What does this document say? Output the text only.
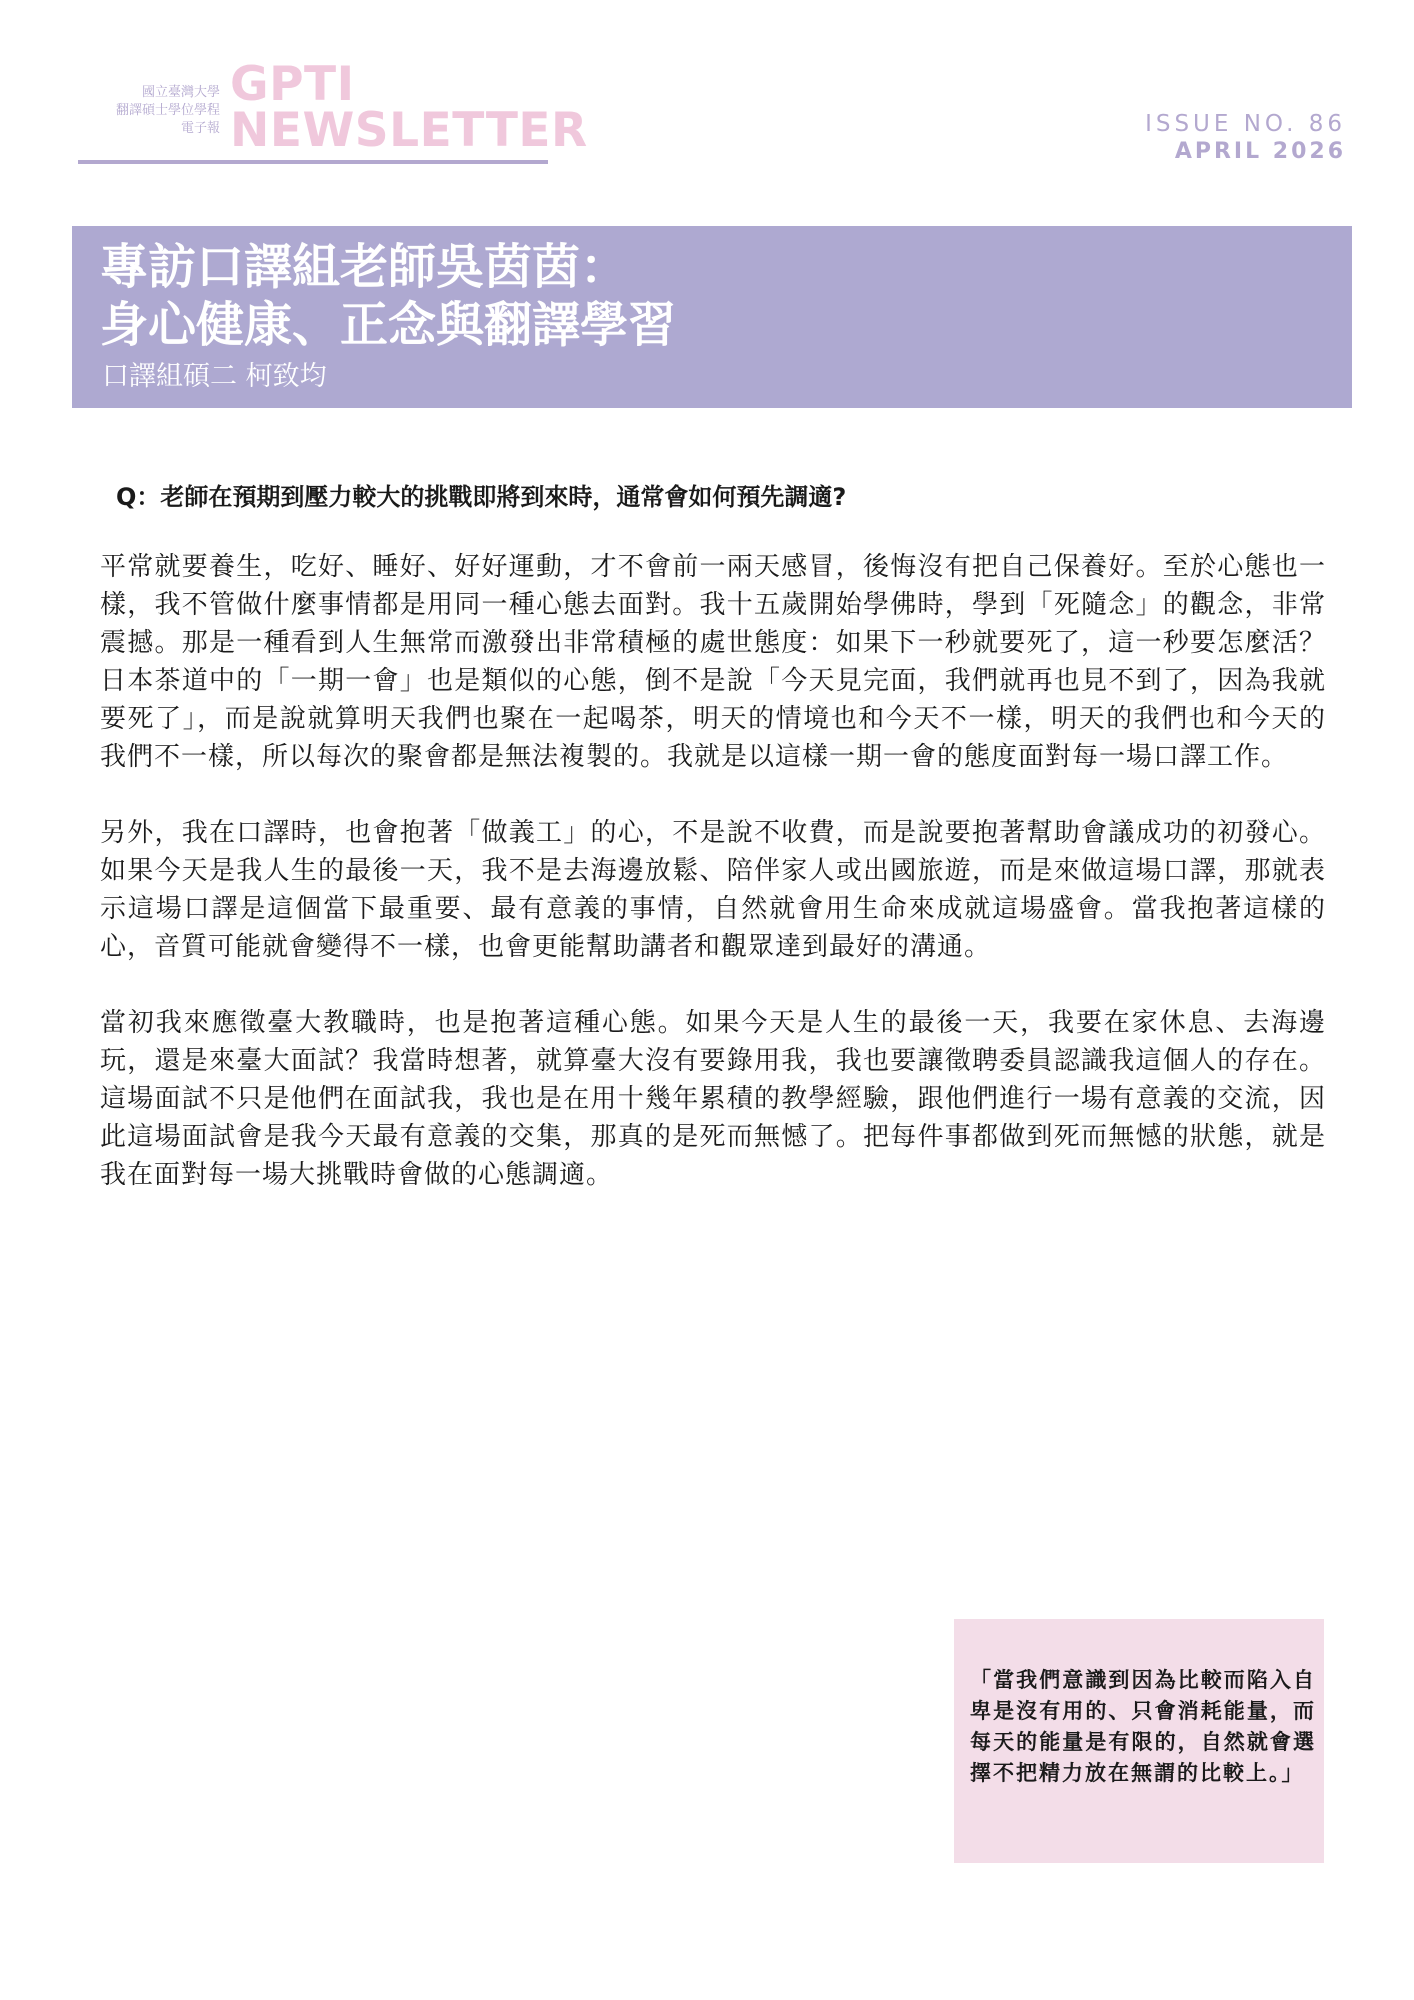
國立臺灣大學
翻譯碩士學位學程
電子報
GPTI
NEWSLETTER	ISSUE NO. 86
APRIL 2026
專訪口譯組老師吳茵茵：
身心健康、正念與翻譯學習
口譯組碩二 柯致均
Q：老師在預期到壓力較大的挑戰即將到來時，通常會如何預先調適?

平常就要養生，吃好、睡好、好好運動，才不會前一兩天感冒，後悔沒有把自己保養好。至於心態也一樣，我不管做什麼事情都是用同一種心態去面對。我十五歲開始學佛時，學到「死隨念」的觀念，非常震撼。那是一種看到人生無常而激發出非常積極的處世態度：如果下一秒就要死了，這一秒要怎麼活？日本茶道中的「一期一會」也是類似的心態，倒不是說「今天見完面，我們就再也見不到了，因為我就要死了」，而是說就算明天我們也聚在一起喝茶，明天的情境也和今天不一樣，明天的我們也和今天的我們不一樣，所以每次的聚會都是無法複製的。我就是以這樣一期一會的態度面對每一場口譯工作。

另外，我在口譯時，也會抱著「做義工」的心，不是說不收費，而是說要抱著幫助會議成功的初發心。如果今天是我人生的最後一天，我不是去海邊放鬆、陪伴家人或出國旅遊，而是來做這場口譯，那就表示這場口譯是這個當下最重要、最有意義的事情，自然就會用生命來成就這場盛會。當我抱著這樣的心，音質可能就會變得不一樣，也會更能幫助講者和觀眾達到最好的溝通。

當初我來應徵臺大教職時，也是抱著這種心態。如果今天是人生的最後一天，我要在家休息、去海邊玩，還是來臺大面試？我當時想著，就算臺大沒有要錄用我，我也要讓徵聘委員認識我這個人的存在。這場面試不只是他們在面試我，我也是在用十幾年累積的教學經驗，跟他們進行一場有意義的交流，因此這場面試會是我今天最有意義的交集，那真的是死而無憾了。把每件事都做到死而無憾的狀態，就是我在面對每一場大挑戰時會做的心態調適。

「當我們意識到因為比較而陷入自卑是沒有用的、只會消耗能量，而每天的能量是有限的，自然就會選擇不把精力放在無謂的比較上。」
